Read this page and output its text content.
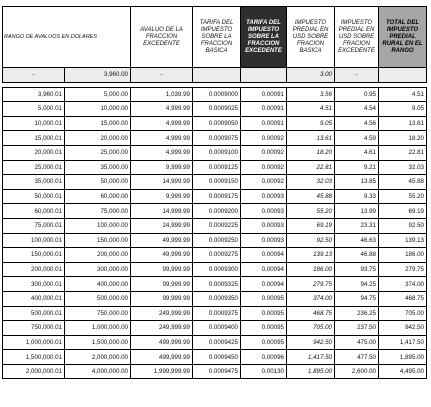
RANGO DE AVALUOS EN DOLARES		AVALUO DE LA FRACCION EXCEDENTE	TARIFA DEL IMPUESTO SOBRE LA FRACCION BASICA	TARIFA DEL IMPUESTO SOBRE LA FRACCION EXCEDENTE	IMPUESTO PREDIAL EN USD SOBRE FRACION BASICA	IMPUESTO PREDIAL EN USD SOBRE FRACION EXCEDENTE	TOTAL DEL IMPUESTO PREDIAL RURAL EN EL RANGO
-	3,960.00	-			3.00	-	

3,960.01	5,000.00	1,039.99	0.0009000	0.00091	3.56	0.95	4.51
5,000.01	10,000.00	4,999.99	0.0009025	0.00091	4.51	4.54	9.05
10,000.01	15,000.00	4,999.99	0.0009050	0.00091	9.05	4.56	13.61
15,000.01	20,000.00	4,999.99	0.0009075	0.00092	13.61	4.59	18.20
20,000.01	25,000.00	4,999.99	0.0009100	0.00092	18.20	4.61	22.81
25,000.01	35,000.00	9,999.99	0.0009125	0.00092	22.81	9.21	32.03
35,000.01	50,000.00	14,999.99	0.0009150	0.00092	32.03	13.85	45.88
50,000.01	60,000.00	9,999.99	0.0009175	0.00093	45.88	9.33	55.20
60,000.01	75,000.00	14,999.99	0.0009200	0.00093	55.20	13.99	69.19
75,000.01	100,000.00	24,999.99	0.0009225	0.00093	69.19	23.31	92.50
100,000.01	150,000.00	49,999.99	0.0009250	0.00093	92.50	46.63	139.13
150,000.01	200,000.00	49,999.99	0.0009275	0.00094	139.13	46.88	186.00
200,000.01	300,000.00	99,999.99	0.0009300	0.00094	186.00	93.75	279.75
300,000.01	400,000.00	99,999.99	0.0009325	0.00094	279.75	94.25	374.00
400,000.01	500,000.00	99,999.99	0.0009350	0.00095	374.00	94.75	468.75
500,000.01	750,000.00	249,999.99	0.0009375	0.00095	468.75	236.25	705.00
750,000.01	1,000,000.00	249,999.99	0.0009400	0.00095	705.00	237.50	942.50
1,000,000.01	1,500,000.00	499,999.99	0.0009425	0.00095	942.50	475.00	1,417.50
1,500,000.01	2,000,000.00	499,999.99	0.0009450	0.00096	1,417.50	477.50	1,895.00
2,000,000.01	4,000,000.00	1,999,999.99	0.0009475	0.00130	1,895.00	2,600.00	4,495.00
